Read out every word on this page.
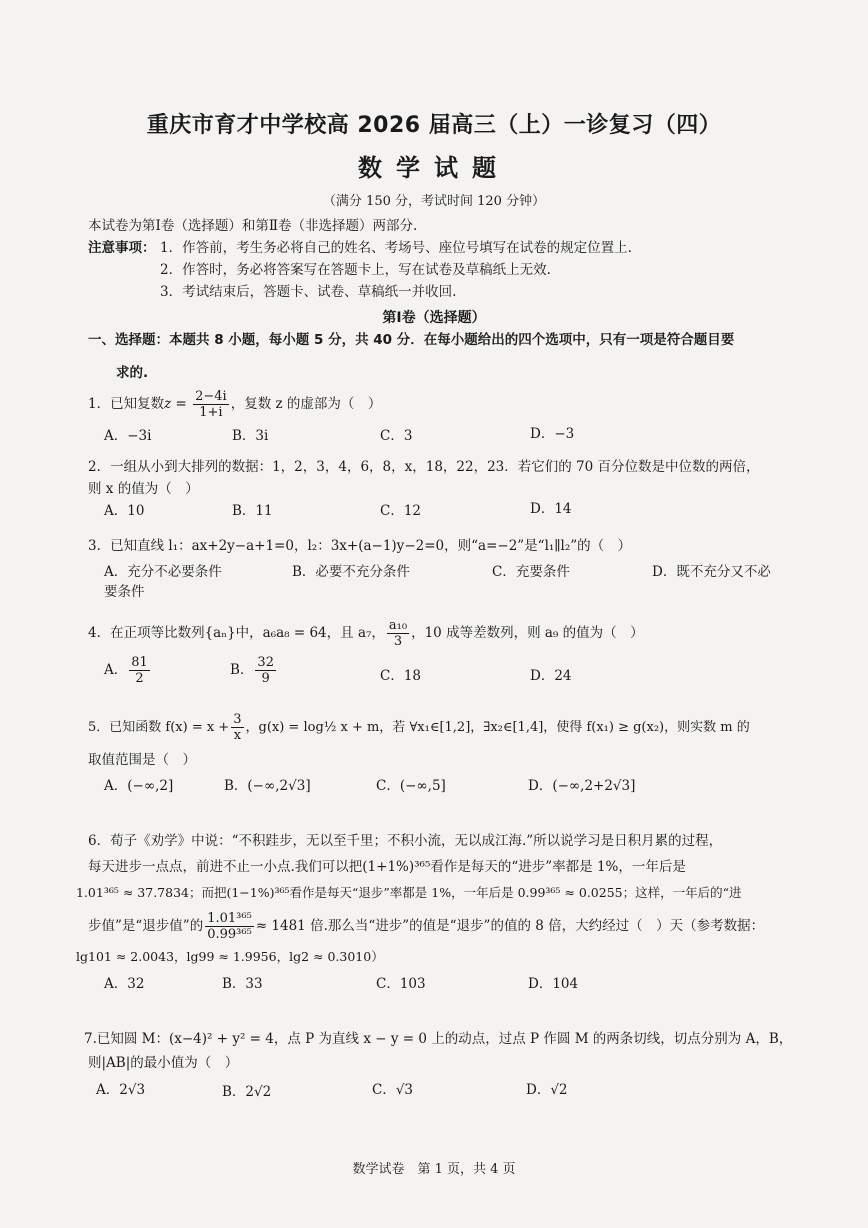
重庆市育才中学校高 2026 届高三（上）一诊复习（四）
数学试题
（满分 150 分，考试时间 120 分钟）
本试卷为第Ⅰ卷（选择题）和第Ⅱ卷（非选择题）两部分.
注意事项： 1．作答前，考生务必将自己的姓名、考场号、座位号填写在试卷的规定位置上.
2．作答时，务必将答案写在答题卡上，写在试卷及草稿纸上无效.
3．考试结束后，答题卡、试卷、草稿纸一并收回.
第Ⅰ卷（选择题）
一、选择题：本题共 8 小题，每小题 5 分，共 40 分．在每小题给出的四个选项中，只有一项是符合题目要
求的.
1．已知复数$z = \frac{2-4i}{1+i}$ ，复数 z 的虚部为（　）
A．−3i	B．3i	C．3	D．−3
2．一组从小到大排列的数据：1，2，3，4，6，8，x，18，22，23．若它们的 70 百分位数是中位数的两倍，
则 x 的值为（　）
A．10	B．11	C．12	D．14
3．已知直线 l₁：ax+2y−a+1=0，l₂：3x+(a−1)y−2=0，则“a=−2”是“l₁∥l₂”的（　）
A．充分不必要条件	B．必要不充分条件	C．充要条件	D．既不充分又不必
要条件
4．在正项等比数列{aₙ}中，a₆a₈ = 64，且 a₇， $\frac{\text{a₁₀}}{3}$ ，10 成等差数列，则 a₉ 的值为（　）
A． $\frac{81}{2}$	B． $\frac{32}{9}$	C．18	D．24
5．已知函数 $f(x) = x + \frac{3}{x}$ ，g(x) = log½ x + m，若 ∀x₁∈[1,2]，∃x₂∈[1,4]，使得 f(x₁) ≥ g(x₂)，则实数 m 的
取值范围是（　）
A．(−∞,2]	B．(−∞,2√3]	C．(−∞,5]	D．(−∞,2+2√3]
6．荀子《劝学》中说：“不积跬步，无以至千里；不积小流，无以成江海.”所以说学习是日积月累的过程，
每天进步一点点，前进不止一小点.我们可以把(1+1%)³⁶⁵看作是每天的“进步”率都是 1%，一年后是
1.01³⁶⁵ ≈ 37.7834；而把(1−1%)³⁶⁵看作是每天“退步”率都是 1%，一年后是 0.99³⁶⁵ ≈ 0.0255；这样，一年后的“进
步值”是“退步值”的 $\frac{\text{1.01³⁶⁵}}{\text{0.99³⁶⁵}} \approx 1481$ 倍.那么当“进步”的值是“退步”的值的 8 倍，大约经过（　）天（参考数据：
lg101 ≈ 2.0043，lg99 ≈ 1.9956，lg2 ≈ 0.3010）
A．32	B．33	C．103	D．104
7.已知圆 M：(x−4)² + y² = 4，点 P 为直线 x − y = 0 上的动点，过点 P 作圆 M 的两条切线，切点分别为 A，B，
则|AB|的最小值为（　）
A．2√3	B．2√2	C．√3	D．√2
数学试卷　第 1 页，共 4 页
